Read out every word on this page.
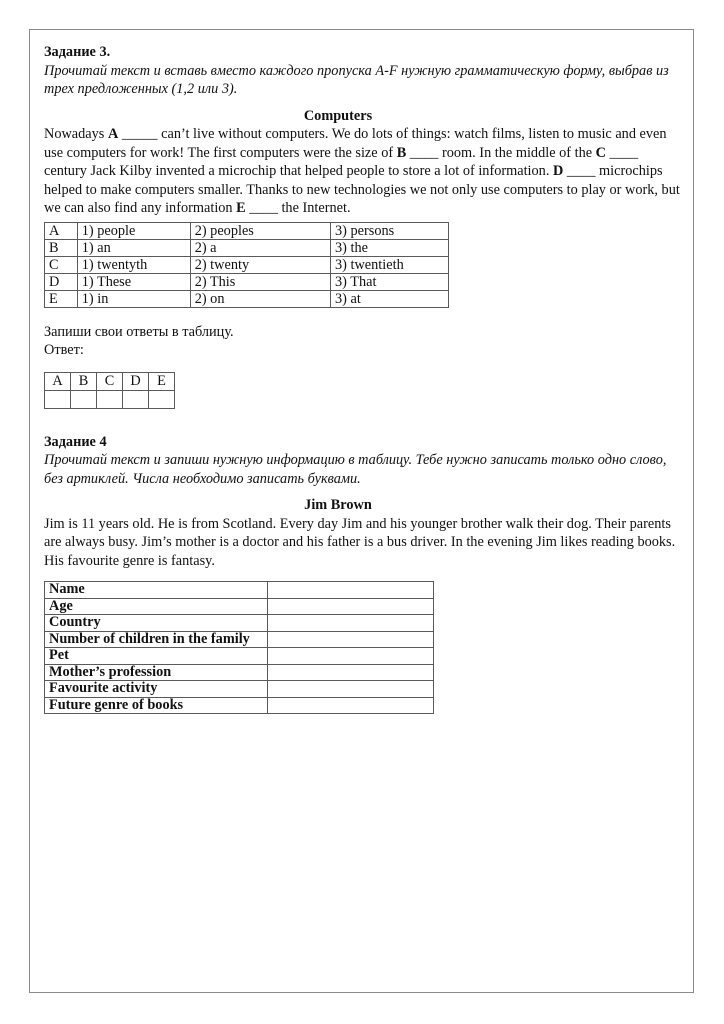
Задание 3.

Прочитай текст и вставь вместо каждого пропуска A-F нужную грамматическую форму, выбрав из трех предложенных (1,2 или 3).

Computers

Nowadays A _____ can’t live without computers. We do lots of things: watch films, listen to music and even use computers for work! The first computers were the size of B ____ room. In the middle of the C ____ century Jack Kilby invented a microchip that helped people to store a lot of information. D ____ microchips helped to make computers smaller. Thanks to new technologies we not only use computers to play or work, but we can also find any information E ____ the Internet.

A	1) people	2) peoples	3) persons
B	1) an	2) a	3) the
C	1) twentyth	2) twenty	3) twentieth
D	1) These	2) This	3) That
E	1) in	2) on	3) at

Запиши свои ответы в таблицу.

Ответ:

A	B	C	D	E

Задание 4

Прочитай текст и запиши нужную информацию в таблицу. Тебе нужно записать только одно слово, без артиклей. Числа необходимо записать буквами.

Jim Brown

Jim is 11 years old. He is from Scotland. Every day Jim and his younger brother walk their dog. Their parents are always busy. Jim’s mother is a doctor and his father is a bus driver. In the evening Jim likes reading books. His favourite genre is fantasy.

Name	
Age	
Country	
Number of children in the family	
Pet	
Mother’s profession	
Favourite activity	
Future genre of books	
